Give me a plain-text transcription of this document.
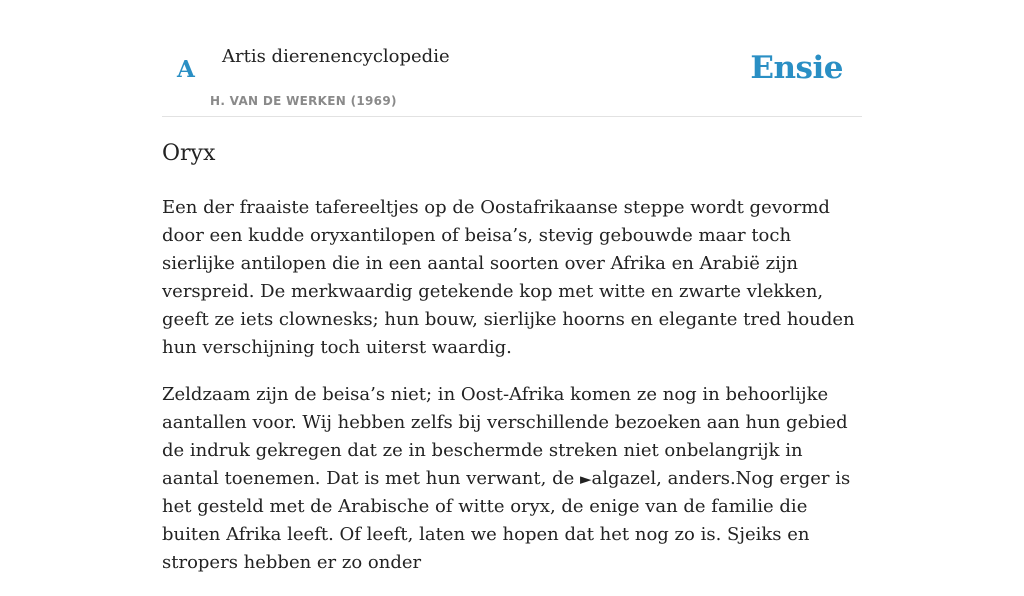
A Artis dierenencyclopedie
H. VAN DE WERKEN (1969)
Ensie
Oryx

Een der fraaiste tafereeltjes op de Oostafrikaanse steppe wordt gevormd door een kudde oryxantilopen of beisa’s, stevig gebouwde maar toch sierlijke antilopen die in een aantal soorten over Afrika en Arabië zijn verspreid. De merkwaardig getekende kop met witte en zwarte vlekken, geeft ze iets clownesks; hun bouw, sierlijke hoorns en elegante tred houden hun verschijning toch uiterst waardig.

Zeldzaam zijn de beisa’s niet; in Oost-Afrika komen ze nog in behoorlijke aantallen voor. Wij hebben zelfs bij verschillende bezoeken aan hun gebied de indruk gekregen dat ze in beschermde streken niet onbelangrijk in aantal toenemen. Dat is met hun verwant, de ►algazel, anders.Nog erger is het gesteld met de Arabische of witte oryx, de enige van de familie die buiten Afrika leeft. Of leeft, laten we hopen dat het nog zo is. Sjeiks en stropers hebben er zo onder
